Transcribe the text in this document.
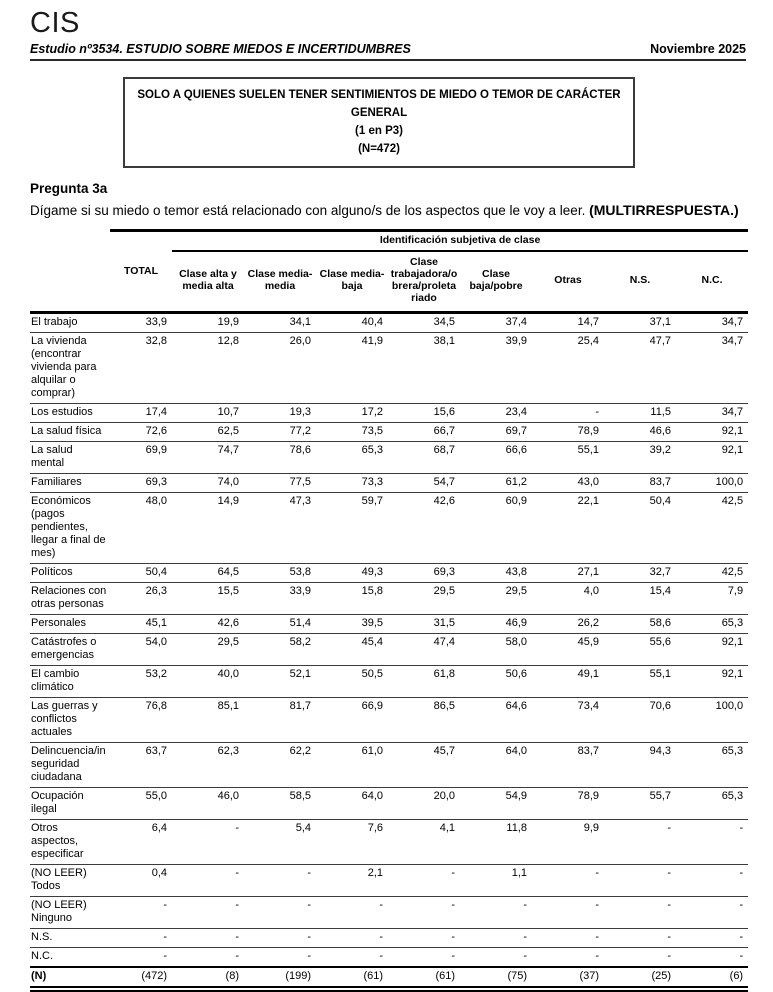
CIS
Estudio nº3534. ESTUDIO SOBRE MIEDOS E INCERTIDUMBRES	Noviembre 2025
SOLO A QUIENES SUELEN TENER SENTIMIENTOS DE MIEDO O TEMOR DE CARÁCTER GENERAL
(1 en P3)
(N=472)
Pregunta 3a
Dígame si su miedo o temor está relacionado con alguno/s de los aspectos que le voy a leer. (MULTIRRESPUESTA.)
	TOTAL	Identificación subjetiva de clase							
		Clase alta y media alta	Clase media-media	Clase media-baja	Clase trabajadora/obrera/proletariado	Clase baja/pobre	Otras	N.S.	N.C.
El trabajo	33,9	19,9	34,1	40,4	34,5	37,4	14,7	37,1	34,7
La vivienda (encontrar vivienda para alquilar o comprar)	32,8	12,8	26,0	41,9	38,1	39,9	25,4	47,7	34,7
Los estudios	17,4	10,7	19,3	17,2	15,6	23,4	-	11,5	34,7
La salud física	72,6	62,5	77,2	73,5	66,7	69,7	78,9	46,6	92,1
La salud mental	69,9	74,7	78,6	65,3	68,7	66,6	55,1	39,2	92,1
Familiares	69,3	74,0	77,5	73,3	54,7	61,2	43,0	83,7	100,0
Económicos (pagos pendientes, llegar a final de mes)	48,0	14,9	47,3	59,7	42,6	60,9	22,1	50,4	42,5
Políticos	50,4	64,5	53,8	49,3	69,3	43,8	27,1	32,7	42,5
Relaciones con otras personas	26,3	15,5	33,9	15,8	29,5	29,5	4,0	15,4	7,9
Personales	45,1	42,6	51,4	39,5	31,5	46,9	26,2	58,6	65,3
Catástrofes o emergencias	54,0	29,5	58,2	45,4	47,4	58,0	45,9	55,6	92,1
El cambio climático	53,2	40,0	52,1	50,5	61,8	50,6	49,1	55,1	92,1
Las guerras y conflictos actuales	76,8	85,1	81,7	66,9	86,5	64,6	73,4	70,6	100,0
Delincuencia/inseguridad ciudadana	63,7	62,3	62,2	61,0	45,7	64,0	83,7	94,3	65,3
Ocupación ilegal	55,0	46,0	58,5	64,0	20,0	54,9	78,9	55,7	65,3
Otros aspectos, especificar	6,4	-	5,4	7,6	4,1	11,8	9,9	-	-
(NO LEER) Todos	0,4	-	-	2,1	-	1,1	-	-	-
(NO LEER) Ninguno	-	-	-	-	-	-	-	-	-
N.S.	-	-	-	-	-	-	-	-	-
N.C.	-	-	-	-	-	-	-	-	-
(N)	(472)	(8)	(199)	(61)	(61)	(75)	(37)	(25)	(6)
